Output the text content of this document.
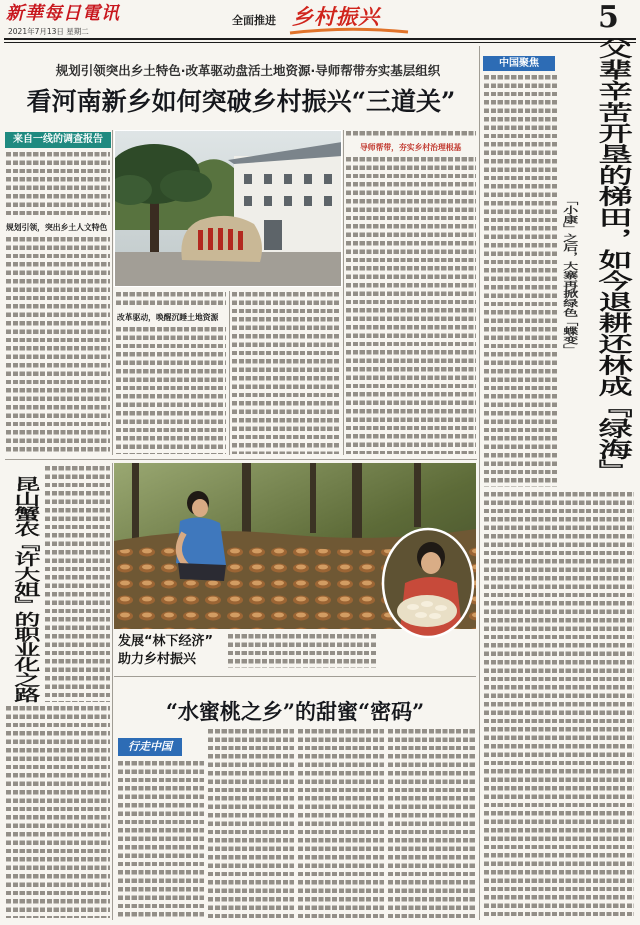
新華每日電讯
2021年7月13日 星期二
全面推进 乡村振兴	5
规划引领突出乡土特色·改革驱动盘活土地资源·导师帮带夯实基层组织
看河南新乡如何突破乡村振兴“三道关”
来自一线的调查报告
规划引领，突出乡土人文特色
改革驱动，唤醒沉睡土地资源
导师帮带，夯实乡村治理根基
昆山蟹农『许大姐』的职业化之路	发展“林下经济”
助力乡村振兴
“水蜜桃之乡”的甜蜜“密码”
行走中国
中国聚焦	父辈辛苦开垦的梯田，如今退耕还林成『绿海』
「小康」之后，大寨再掀绿色「蝶变」
